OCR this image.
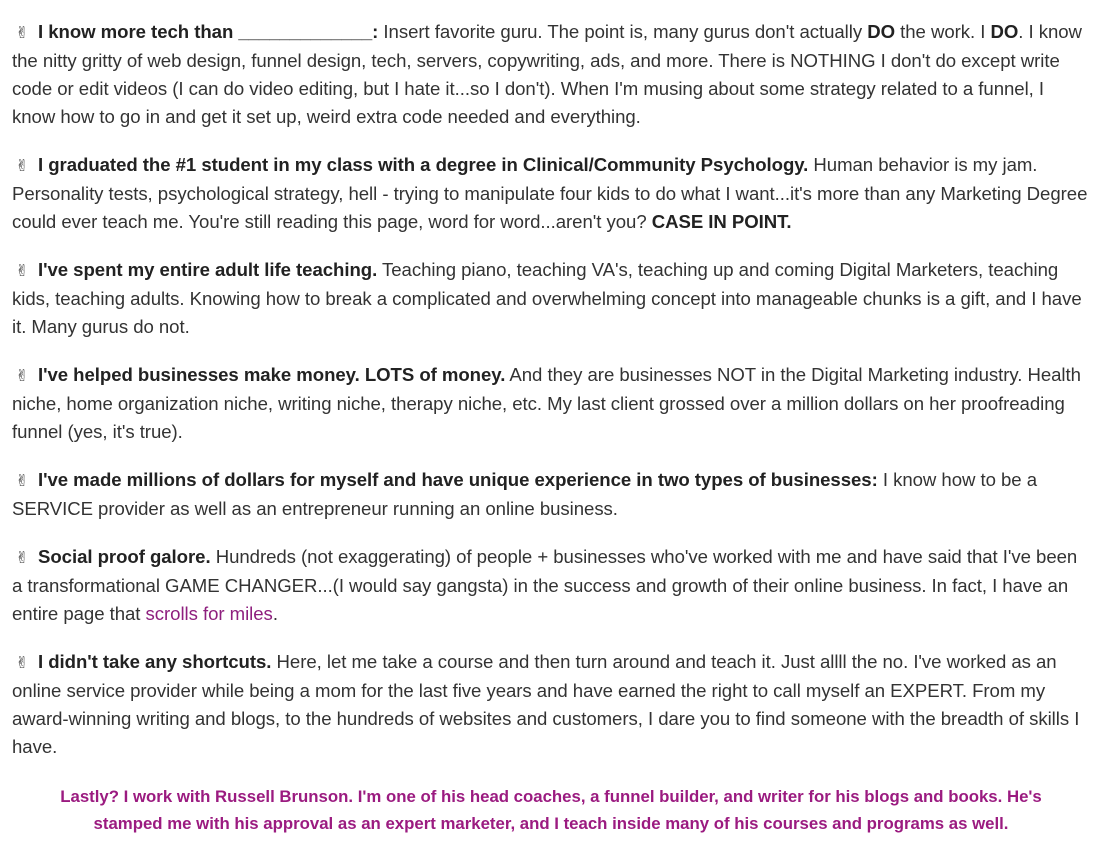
✌ I know more tech than _____________: Insert favorite guru. The point is, many gurus don't actually DO the work. I DO. I know the nitty gritty of web design, funnel design, tech, servers, copywriting, ads, and more. There is NOTHING I don't do except write code or edit videos (I can do video editing, but I hate it...so I don't). When I'm musing about some strategy related to a funnel, I know how to go in and get it set up, weird extra code needed and everything.

✌ I graduated the #1 student in my class with a degree in Clinical/Community Psychology. Human behavior is my jam. Personality tests, psychological strategy, hell - trying to manipulate four kids to do what I want...it's more than any Marketing Degree could ever teach me. You're still reading this page, word for word...aren't you? CASE IN POINT.

✌ I've spent my entire adult life teaching. Teaching piano, teaching VA's, teaching up and coming Digital Marketers, teaching kids, teaching adults. Knowing how to break a complicated and overwhelming concept into manageable chunks is a gift, and I have it. Many gurus do not.

✌ I've helped businesses make money. LOTS of money. And they are businesses NOT in the Digital Marketing industry. Health niche, home organization niche, writing niche, therapy niche, etc. My last client grossed over a million dollars on her proofreading funnel (yes, it's true).

✌ I've made millions of dollars for myself and have unique experience in two types of businesses: I know how to be a SERVICE provider as well as an entrepreneur running an online business.

✌ Social proof galore. Hundreds (not exaggerating) of people + businesses who've worked with me and have said that I've been a transformational GAME CHANGER...(I would say gangsta) in the success and growth of their online business. In fact, I have an entire page that scrolls for miles.

✌ I didn't take any shortcuts. Here, let me take a course and then turn around and teach it. Just allll the no. I've worked as an online service provider while being a mom for the last five years and have earned the right to call myself an EXPERT. From my award-winning writing and blogs, to the hundreds of websites and customers, I dare you to find someone with the breadth of skills I have.

Lastly? I work with Russell Brunson. I'm one of his head coaches, a funnel builder, and writer for his blogs and books. He's stamped me with his approval as an expert marketer, and I teach inside many of his courses and programs as well.
